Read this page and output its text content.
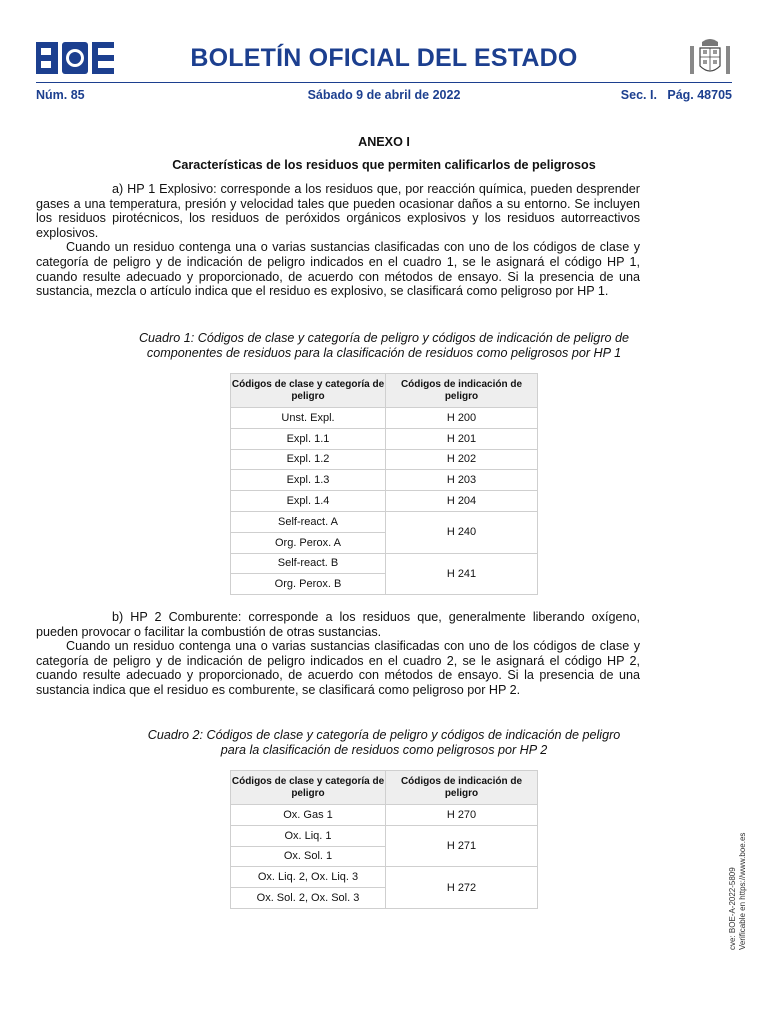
BOLETÍN OFICIAL DEL ESTADO
Núm. 85	Sábado 9 de abril de 2022	Sec. I. Pág. 48705
ANEXO I
Características de los residuos que permiten calificarlos de peligrosos

a) HP 1 Explosivo: corresponde a los residuos que, por reacción química, pueden desprender gases a una temperatura, presión y velocidad tales que pueden ocasionar daños a su entorno. Se incluyen los residuos pirotécnicos, los residuos de peróxidos orgánicos explosivos y los residuos autorreactivos explosivos.

Cuando un residuo contenga una o varias sustancias clasificadas con uno de los códigos de clase y categoría de peligro y de indicación de peligro indicados en el cuadro 1, se le asignará el código HP 1, cuando resulte adecuado y proporcionado, de acuerdo con métodos de ensayo. Si la presencia de una sustancia, mezcla o artículo indica que el residuo es explosivo, se clasificará como peligroso por HP 1.

Cuadro 1: Códigos de clase y categoría de peligro y códigos de indicación de peligro de
componentes de residuos para la clasificación de residuos como peligrosos por HP 1
Códigos de clase y categoría de peligro	Códigos de indicación de peligro
Unst. Expl.	H 200
Expl. 1.1	H 201
Expl. 1.2	H 202
Expl. 1.3	H 203
Expl. 1.4	H 204
Self-react. A	H 240
Org. Perox. A	
Self-react. B	H 241
Org. Perox. B	

b) HP 2 Comburente: corresponde a los residuos que, generalmente liberando oxígeno, pueden provocar o facilitar la combustión de otras sustancias.

Cuando un residuo contenga una o varias sustancias clasificadas con uno de los códigos de clase y categoría de peligro y de indicación de peligro indicados en el cuadro 2, se le asignará el código HP 2, cuando resulte adecuado y proporcionado, de acuerdo con métodos de ensayo. Si la presencia de una sustancia indica que el residuo es comburente, se clasificará como peligroso por HP 2.

Cuadro 2: Códigos de clase y categoría de peligro y códigos de indicación de peligro
para la clasificación de residuos como peligrosos por HP 2
Códigos de clase y categoría de peligro	Códigos de indicación de peligro
Ox. Gas 1	H 270
Ox. Liq. 1	H 271
Ox. Sol. 1	
Ox. Liq. 2, Ox. Liq. 3	H 272
Ox. Sol. 2, Ox. Sol. 3		cve: BOE-A-2022-5809 Verificable en https://www.boe.es
